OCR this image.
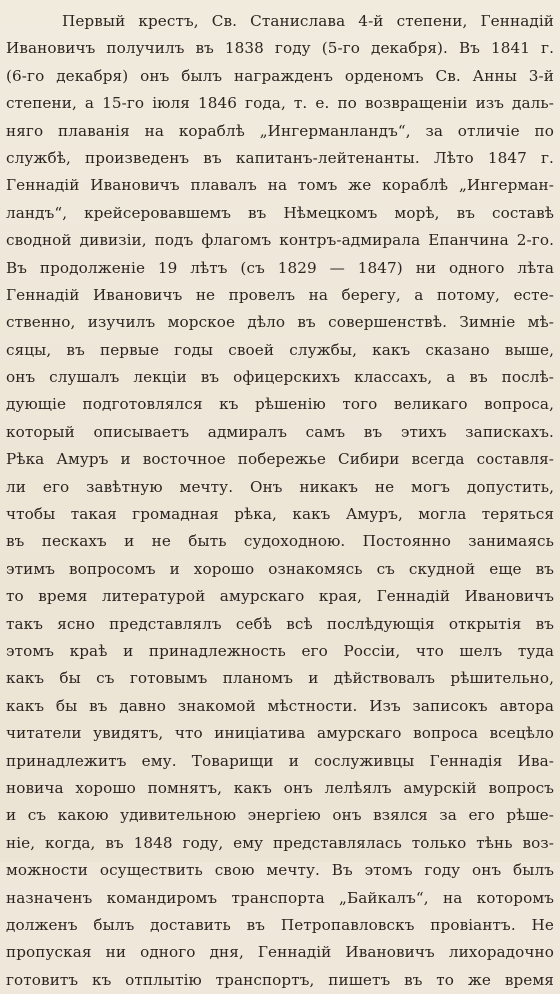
Первый крестъ, Св. Станислава 4-й степени, Геннадій
Ивановичъ получилъ въ 1838 году (5-го декабря). Въ 1841 г.
(6-го декабря) онъ былъ награжденъ орденомъ Св. Анны 3-й
степени, а 15-го іюля 1846 года, т. е. по возвращеніи изъ даль-
няго плаванія на кораблѣ „Ингерманландъ“, за отличіе по
службѣ, произведенъ въ капитанъ-лейтенанты. Лѣто 1847 г.
Геннадій Ивановичъ плавалъ на томъ же кораблѣ „Ингерман-
ландъ“, крейсеровавшемъ въ Нѣмецкомъ морѣ, въ составѣ
сводной дивизіи, подъ флагомъ контръ-адмирала Епанчина 2-го.
Въ продолженіе 19 лѣтъ (съ 1829 — 1847) ни одного лѣта
Геннадій Ивановичъ не провелъ на берегу, а потому, есте-
ственно, изучилъ морское дѣло въ совершенствѣ. Зимніе мѣ-
сяцы, въ первые годы своей службы, какъ сказано выше,
онъ слушалъ лекціи въ офицерскихъ классахъ, а въ послѣ-
дующіе подготовлялся къ рѣшенію того великаго вопроса,
который описываетъ адмиралъ самъ въ этихъ запискахъ.
Рѣка Амуръ и восточное побережье Сибири всегда составля-
ли его завѣтную мечту. Онъ никакъ не могъ допустить,
чтобы такая громадная рѣка, какъ Амуръ, могла теряться
въ пескахъ и не быть судоходною. Постоянно занимаясь
этимъ вопросомъ и хорошо ознакомясь съ скудной еще въ
то время литературой амурскаго края, Геннадій Ивановичъ
такъ ясно представлялъ себѣ всѣ послѣдующія открытія въ
этомъ краѣ и принадлежность его Россіи, что шелъ туда
какъ бы съ готовымъ планомъ и дѣйствовалъ рѣшительно,
какъ бы въ давно знакомой мѣстности. Изъ записокъ автора
читатели увидятъ, что иниціатива амурскаго вопроса всецѣло
принадлежитъ ему. Товарищи и сослуживцы Геннадія Ива-
новича хорошо помнятъ, какъ онъ лелѣялъ амурскій вопросъ
и съ какою удивительною энергіею онъ взялся за его рѣше-
ніе, когда, въ 1848 году, ему представлялась только тѣнь воз-
можности осуществить свою мечту. Въ этомъ году онъ былъ
назначенъ командиромъ транспорта „Байкалъ“, на которомъ
долженъ былъ доставить въ Петропавловскъ провіантъ. Не
пропуская ни одного дня, Геннадій Ивановичъ лихорадочно
готовитъ къ отплытію транспортъ, пишетъ въ то же время
